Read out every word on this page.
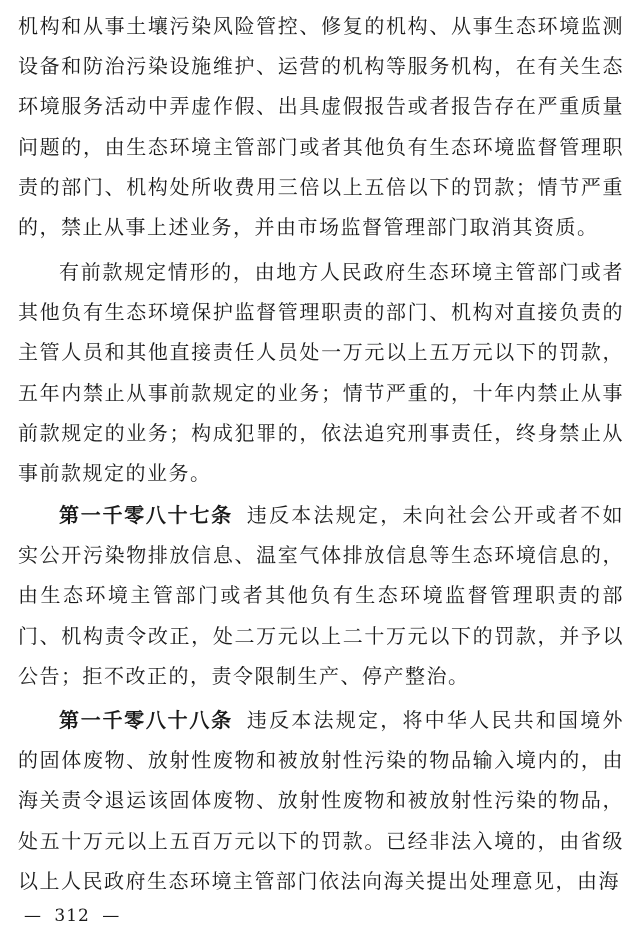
机构和从事土壤污染风险管控、修复的机构、从事生态环境监测设备和防治污染设施维护、运营的机构等服务机构，在有关生态环境服务活动中弄虚作假、出具虚假报告或者报告存在严重质量问题的，由生态环境主管部门或者其他负有生态环境监督管理职责的部门、机构处所收费用三倍以上五倍以下的罚款；情节严重的，禁止从事上述业务，并由市场监督管理部门取消其资质。

有前款规定情形的，由地方人民政府生态环境主管部门或者其他负有生态环境保护监督管理职责的部门、机构对直接负责的主管人员和其他直接责任人员处一万元以上五万元以下的罚款，五年内禁止从事前款规定的业务；情节严重的，十年内禁止从事前款规定的业务；构成犯罪的，依法追究刑事责任，终身禁止从事前款规定的业务。

第一千零八十七条 违反本法规定，未向社会公开或者不如实公开污染物排放信息、温室气体排放信息等生态环境信息的，由生态环境主管部门或者其他负有生态环境监督管理职责的部门、机构责令改正，处二万元以上二十万元以下的罚款，并予以公告；拒不改正的，责令限制生产、停产整治。

第一千零八十八条 违反本法规定，将中华人民共和国境外的固体废物、放射性废物和被放射性污染的物品输入境内的，由海关责令退运该固体废物、放射性废物和被放射性污染的物品，处五十万元以上五百万元以下的罚款。已经非法入境的，由省级以上人民政府生态环境主管部门依法向海关提出处理意见，由海

— 312 —
